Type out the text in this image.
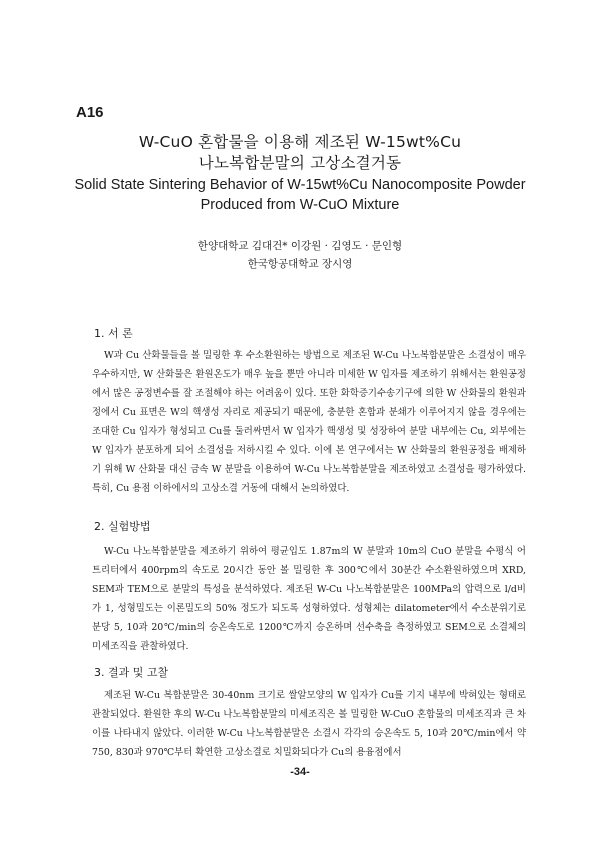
A16
W-CuO 혼합물을 이용해 제조된 W-15wt%Cu
나노복합분말의 고상소결거동
Solid State Sintering Behavior of W-15wt%Cu Nanocomposite Powder
Produced from W-CuO Mixture
한양대학교 김대건* 이강원 · 김영도 · 문인형
한국항공대학교 장시영
1. 서 론

W과 Cu 산화물들을 볼 밀링한 후 수소환원하는 방법으로 제조된 W-Cu 나노복합분말은 소결성이 매우 우수하지만, W 산화물은 환원온도가 매우 높을 뿐만 아니라 미세한 W 입자를 제조하기 위해서는 환원공정에서 많은 공정변수를 잘 조절해야 하는 어려움이 있다. 또한 화학증기수송기구에 의한 W 산화물의 환원과정에서 Cu 표면은 W의 핵생성 자리로 제공되기 때문에, 충분한 혼합과 분쇄가 이루어지지 않을 경우에는 조대한 Cu 입자가 형성되고 Cu를 둘러싸면서 W 입자가 핵생성 및 성장하여 분말 내부에는 Cu, 외부에는 W 입자가 분포하게 되어 소결성을 저하시킬 수 있다. 이에 본 연구에서는 W 산화물의 환원공정을 배제하기 위해 W 산화물 대신 금속 W 분말을 이용하여 W-Cu 나노복합분말을 제조하였고 소결성을 평가하였다. 특히, Cu 용점 이하에서의 고상소결 거동에 대해서 논의하였다.

2. 실험방법

W-Cu 나노복합분말을 제조하기 위하여 평균입도 1.87m의 W 분말과 10m의 CuO 분말을 수평식 어트리터에서 400rpm의 속도로 20시간 동안 볼 밀링한 후 300℃에서 30분간 수소환원하였으며 XRD, SEM과 TEM으로 분말의 특성을 분석하였다. 제조된 W-Cu 나노복합분말은 100MPa의 압력으로 l/d비가 1, 성형밀도는 이론밀도의 50% 정도가 되도록 성형하였다. 성형체는 dilatometer에서 수소분위기로 분당 5, 10과 20℃/min의 승온속도로 1200℃까지 승온하며 선수축을 측정하였고 SEM으로 소결체의 미세조직을 관찰하였다.

3. 결과 및 고찰

제조된 W-Cu 복합분말은 30-40nm 크기로 쌀알모양의 W 입자가 Cu를 기지 내부에 박혀있는 형태로 관찰되었다. 환원한 후의 W-Cu 나노복합분말의 미세조직은 볼 밀링한 W-CuO 혼합물의 미세조직과 큰 차이를 나타내지 않았다. 이러한 W-Cu 나노복합분말은 소결시 각각의 승온속도 5, 10과 20℃/min에서 약 750, 830과 970℃부터 확연한 고상소결로 치밀화되다가 Cu의 용융점에서

-34-
